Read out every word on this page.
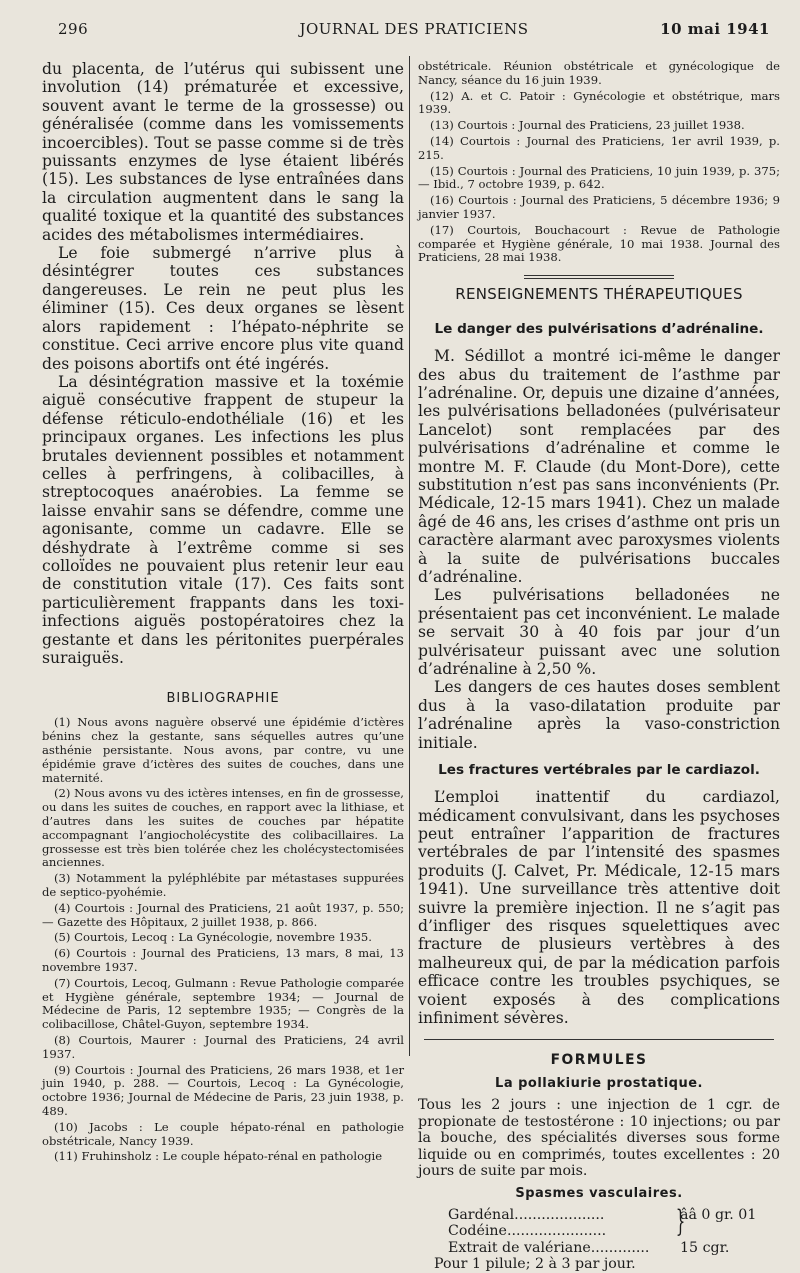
296	JOURNAL DES PRATICIENS	10 mai 1941

du placenta, de l’utérus qui subissent une involution (14) prématurée et excessive, souvent avant le terme de la grossesse) ou généralisée (comme dans les vomissements incoercibles). Tout se passe comme si de très puissants enzymes de lyse étaient libérés (15). Les substances de lyse entraînées dans la circulation augmentent dans le sang la qualité toxique et la quantité des substances acides des métabolismes intermédiaires.

Le foie submergé n’arrive plus à désintégrer toutes ces substances dangereuses. Le rein ne peut plus les éliminer (15). Ces deux organes se lèsent alors rapidement : l’hépato-néphrite se constitue. Ceci arrive encore plus vite quand des poisons abortifs ont été ingérés.

La désintégration massive et la toxémie aiguë consécutive frappent de stupeur la défense réticulo-endothéliale (16) et les principaux organes. Les infections les plus brutales deviennent possibles et notamment celles à perfringens, à colibacilles, à streptocoques anaérobies. La femme se laisse envahir sans se défendre, comme une agonisante, comme un cadavre. Elle se déshydrate à l’extrême comme si ses colloïdes ne pouvaient plus retenir leur eau de constitution vitale (17). Ces faits sont particulièrement frappants dans les toxi-infections aiguës postopératoires chez la gestante et dans les péritonites puerpérales suraiguës.

BIBLIOGRAPHIE

(1) Nous avons naguère observé une épidémie d’ictères bénins chez la gestante, sans séquelles autres qu’une asthénie persistante. Nous avons, par contre, vu une épidémie grave d’ictères des suites de couches, dans une maternité.

(2) Nous avons vu des ictères intenses, en fin de grossesse, ou dans les suites de couches, en rapport avec la lithiase, et d’autres dans les suites de couches par hépatite accompagnant l’angiocholécystite des colibacillaires. La grossesse est très bien tolérée chez les cholécystectomisées anciennes.

(3) Notamment la pyléphlébite par métastases suppurées de septico-pyohémie.

(4) Courtois : Journal des Praticiens, 21 août 1937, p. 550; — Gazette des Hôpitaux, 2 juillet 1938, p. 866.

(5) Courtois, Lecoq : La Gynécologie, novembre 1935.

(6) Courtois : Journal des Praticiens, 13 mars, 8 mai, 13 novembre 1937.

(7) Courtois, Lecoq, Gulmann : Revue Pathologie comparée et Hygiène générale, septembre 1934; — Journal de Médecine de Paris, 12 septembre 1935; — Congrès de la colibacillose, Châtel-Guyon, septembre 1934.

(8) Courtois, Maurer : Journal des Praticiens, 24 avril 1937.

(9) Courtois : Journal des Praticiens, 26 mars 1938, et 1er juin 1940, p. 288. — Courtois, Lecoq : La Gynécologie, octobre 1936; Journal de Médecine de Paris, 23 juin 1938, p. 489.

(10) Jacobs : Le couple hépato-rénal en pathologie obstétricale, Nancy 1939.

(11) Fruhinsholz : Le couple hépato-rénal en pathologie

obstétricale. Réunion obstétricale et gynécologique de Nancy, séance du 16 juin 1939.

(12) A. et C. Patoir : Gynécologie et obstétrique, mars 1939.

(13) Courtois : Journal des Praticiens, 23 juillet 1938.

(14) Courtois : Journal des Praticiens, 1er avril 1939, p. 215.

(15) Courtois : Journal des Praticiens, 10 juin 1939, p. 375; — Ibid., 7 octobre 1939, p. 642.

(16) Courtois : Journal des Praticiens, 5 décembre 1936; 9 janvier 1937.

(17) Courtois, Bouchacourt : Revue de Pathologie comparée et Hygiène générale, 10 mai 1938. Journal des Praticiens, 28 mai 1938.

RENSEIGNEMENTS THÉRAPEUTIQUES
Le danger des pulvérisations d’adrénaline.

M. Sédillot a montré ici-même le danger des abus du traitement de l’asthme par l’adrénaline. Or, depuis une dizaine d’années, les pulvérisations belladonées (pulvérisateur Lancelot) sont remplacées par des pulvérisations d’adrénaline et comme le montre M. F. Claude (du Mont-Dore), cette substitution n’est pas sans inconvénients (Pr. Médicale, 12-15 mars 1941). Chez un malade âgé de 46 ans, les crises d’asthme ont pris un caractère alarmant avec paroxysmes violents à la suite de pulvérisations buccales d’adrénaline.

Les pulvérisations belladonées ne présentaient pas cet inconvénient. Le malade se servait 30 à 40 fois par jour d’un pulvérisateur puissant avec une solution d’adrénaline à 2,50 %.

Les dangers de ces hautes doses semblent dus à la vaso-dilatation produite par l’adrénaline après la vaso-constriction initiale.

Les fractures vertébrales par le cardiazol.

L’emploi inattentif du cardiazol, médicament convulsivant, dans les psychoses peut entraîner l’apparition de fractures vertébrales de par l’intensité des spasmes produits (J. Calvet, Pr. Médicale, 12-15 mars 1941). Une surveillance très attentive doit suivre la première injection. Il ne s’agit pas d’infliger des risques squelettiques avec fracture de plusieurs vertèbres à des malheureux qui, de par la médication parfois efficace contre les troubles psychiques, se voient exposés à des complications infiniment sévères.

FORMULES
La pollakiurie prostatique.

Tous les 2 jours : une injection de 1 cgr. de propionate de testostérone : 10 injections; ou par la bouche, des spécialités diverses sous forme liquide ou en comprimés, toutes excellentes : 20 jours de suite par mois.

Spasmes vasculaires.
Gardénal.................... }
ââ 0 gr. 01
Codéine......................
Extrait de valériane............. 15 cgr.
Pour 1 pilule; 2 à 3 par jour.
